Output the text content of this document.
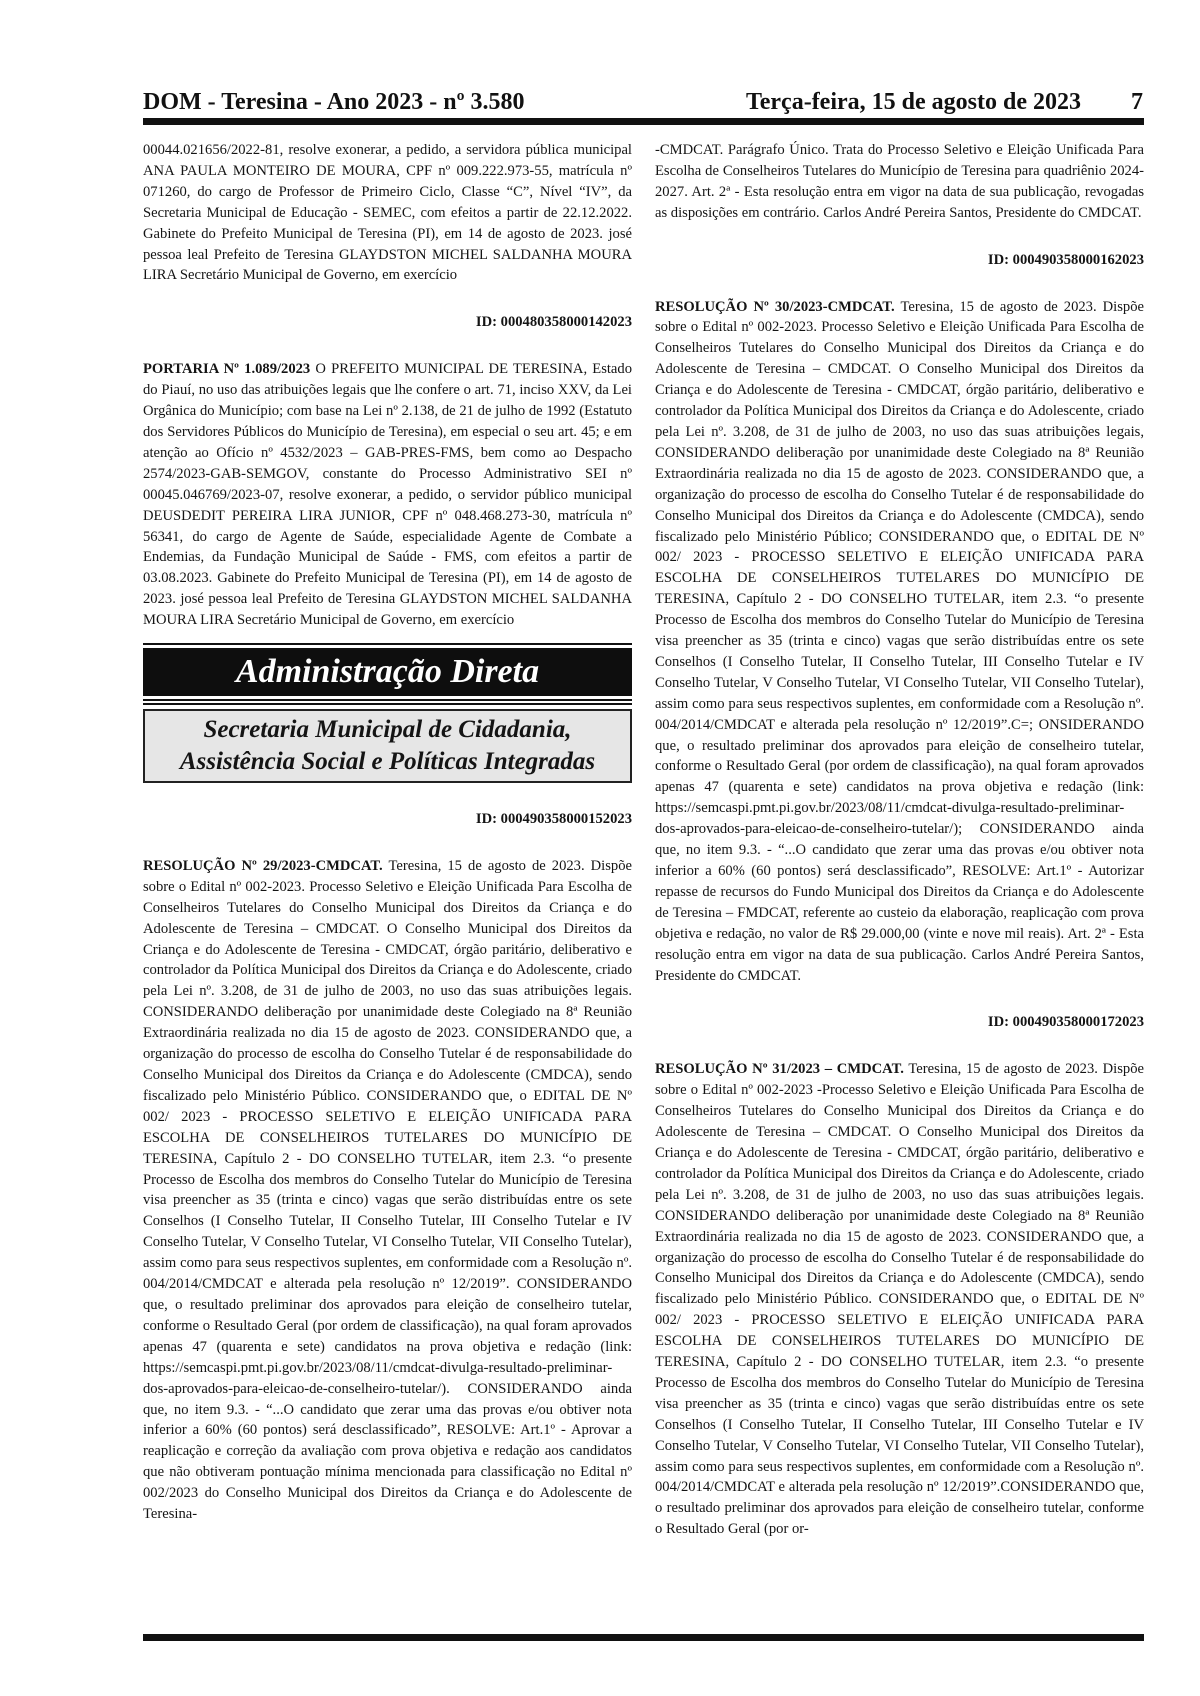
DOM - Teresina - Ano 2023 - nº 3.580	Terça-feira, 15 de agosto de 2023 7

00044.021656/2022-81, resolve exonerar, a pedido, a servidora pública municipal ANA PAULA MONTEIRO DE MOURA, CPF nº 009.222.973-55, matrícula nº 071260, do cargo de Professor de Primeiro Ciclo, Classe “C”, Nível “IV”, da Secretaria Municipal de Educação - SEMEC, com efeitos a partir de 22.12.2022. Gabinete do Prefeito Municipal de Teresina (PI), em 14 de agosto de 2023. josé pessoa leal Prefeito de Teresina GLAYDSTON MICHEL SALDANHA MOURA LIRA Secretário Municipal de Governo, em exercício

ID: 000480358000142023

PORTARIA Nº 1.089/2023 O PREFEITO MUNICIPAL DE TERESINA, Estado do Piauí, no uso das atribuições legais que lhe confere o art. 71, inciso XXV, da Lei Orgânica do Município; com base na Lei nº 2.138, de 21 de julho de 1992 (Estatuto dos Servidores Públicos do Município de Teresina), em especial o seu art. 45; e em atenção ao Ofício nº 4532/2023 – GAB-PRES-FMS, bem como ao Despacho 2574/2023-GAB-SEMGOV, constante do Processo Administrativo SEI nº 00045.046769/2023-07, resolve exonerar, a pedido, o servidor público municipal DEUSDEDIT PEREIRA LIRA JUNIOR, CPF nº 048.468.273-30, matrícula nº 56341, do cargo de Agente de Saúde, especialidade Agente de Combate a Endemias, da Fundação Municipal de Saúde - FMS, com efeitos a partir de 03.08.2023. Gabinete do Prefeito Municipal de Teresina (PI), em 14 de agosto de 2023. josé pessoa leal Prefeito de Teresina GLAYDSTON MICHEL SALDANHA MOURA LIRA Secretário Municipal de Governo, em exercício

Administração Direta
Secretaria Municipal de Cidadania,
Assistência Social e Políticas Integradas

ID: 000490358000152023

RESOLUÇÃO Nº 29/2023-CMDCAT. Teresina, 15 de agosto de 2023. Dispõe sobre o Edital nº 002-2023. Processo Seletivo e Eleição Unificada Para Escolha de Conselheiros Tutelares do Conselho Municipal dos Direitos da Criança e do Adolescente de Teresina – CMDCAT. O Conselho Municipal dos Direitos da Criança e do Adolescente de Teresina - CMDCAT, órgão paritário, deliberativo e controlador da Política Municipal dos Direitos da Criança e do Adolescente, criado pela Lei nº. 3.208, de 31 de julho de 2003, no uso das suas atribuições legais. CONSIDERANDO deliberação por unanimidade deste Colegiado na 8ª Reunião Extraordinária realizada no dia 15 de agosto de 2023. CONSIDERANDO que, a organização do processo de escolha do Conselho Tutelar é de responsabilidade do Conselho Municipal dos Direitos da Criança e do Adolescente (CMDCA), sendo fiscalizado pelo Ministério Público. CONSIDERANDO que, o EDITAL DE Nº 002/ 2023 - PROCESSO SELETIVO E ELEIÇÃO UNIFICADA PARA ESCOLHA DE CONSELHEIROS TUTELARES DO MUNICÍPIO DE TERESINA, Capítulo 2 - DO CONSELHO TUTELAR, item 2.3. “o presente Processo de Escolha dos membros do Conselho Tutelar do Município de Teresina visa preencher as 35 (trinta e cinco) vagas que serão distribuídas entre os sete Conselhos (I Conselho Tutelar, II Conselho Tutelar, III Conselho Tutelar e IV Conselho Tutelar, V Conselho Tutelar, VI Conselho Tutelar, VII Conselho Tutelar), assim como para seus respectivos suplentes, em conformidade com a Resolução nº. 004/2014/CMDCAT e alterada pela resolução nº 12/2019”. CONSIDERANDO que, o resultado preliminar dos aprovados para eleição de conselheiro tutelar, conforme o Resultado Geral (por ordem de classificação), na qual foram aprovados apenas 47 (quarenta e sete) candidatos na prova objetiva e redação (link: https://semcaspi.pmt.pi.gov.br/2023/08/11/cmdcat-divulga-resultado-preliminar-dos-aprovados-para-eleicao-de-conselheiro-tutelar/). CONSIDERANDO ainda que, no item 9.3. - “...O candidato que zerar uma das provas e/ou obtiver nota inferior a 60% (60 pontos) será desclassificado”, RESOLVE: Art.1º - Aprovar a reaplicação e correção da avaliação com prova objetiva e redação aos candidatos que não obtiveram pontuação mínima mencionada para classificação no Edital nº 002/2023 do Conselho Municipal dos Direitos da Criança e do Adolescente de Teresina-

-CMDCAT. Parágrafo Único. Trata do Processo Seletivo e Eleição Unificada Para Escolha de Conselheiros Tutelares do Município de Teresina para quadriênio 2024-2027. Art. 2ª - Esta resolução entra em vigor na data de sua publicação, revogadas as disposições em contrário. Carlos André Pereira Santos, Presidente do CMDCAT.

ID: 000490358000162023

RESOLUÇÃO Nº 30/2023-CMDCAT. Teresina, 15 de agosto de 2023. Dispõe sobre o Edital nº 002-2023. Processo Seletivo e Eleição Unificada Para Escolha de Conselheiros Tutelares do Conselho Municipal dos Direitos da Criança e do Adolescente de Teresina – CMDCAT. O Conselho Municipal dos Direitos da Criança e do Adolescente de Teresina - CMDCAT, órgão paritário, deliberativo e controlador da Política Municipal dos Direitos da Criança e do Adolescente, criado pela Lei nº. 3.208, de 31 de julho de 2003, no uso das suas atribuições legais, CONSIDERANDO deliberação por unanimidade deste Colegiado na 8ª Reunião Extraordinária realizada no dia 15 de agosto de 2023. CONSIDERANDO que, a organização do processo de escolha do Conselho Tutelar é de responsabilidade do Conselho Municipal dos Direitos da Criança e do Adolescente (CMDCA), sendo fiscalizado pelo Ministério Público; CONSIDERANDO que, o EDITAL DE Nº 002/ 2023 - PROCESSO SELETIVO E ELEIÇÃO UNIFICADA PARA ESCOLHA DE CONSELHEIROS TUTELARES DO MUNICÍPIO DE TERESINA, Capítulo 2 - DO CONSELHO TUTELAR, item 2.3. “o presente Processo de Escolha dos membros do Conselho Tutelar do Município de Teresina visa preencher as 35 (trinta e cinco) vagas que serão distribuídas entre os sete Conselhos (I Conselho Tutelar, II Conselho Tutelar, III Conselho Tutelar e IV Conselho Tutelar, V Conselho Tutelar, VI Conselho Tutelar, VII Conselho Tutelar), assim como para seus respectivos suplentes, em conformidade com a Resolução nº. 004/2014/CMDCAT e alterada pela resolução nº 12/2019”.C=; ONSIDERANDO que, o resultado preliminar dos aprovados para eleição de conselheiro tutelar, conforme o Resultado Geral (por ordem de classificação), na qual foram aprovados apenas 47 (quarenta e sete) candidatos na prova objetiva e redação (link: https://semcaspi.pmt.pi.gov.br/2023/08/11/cmdcat-divulga-resultado-preliminar-dos-aprovados-para-eleicao-de-conselheiro-tutelar/); CONSIDERANDO ainda que, no item 9.3. - “...O candidato que zerar uma das provas e/ou obtiver nota inferior a 60% (60 pontos) será desclassificado”, RESOLVE: Art.1º - Autorizar repasse de recursos do Fundo Municipal dos Direitos da Criança e do Adolescente de Teresina – FMDCAT, referente ao custeio da elaboração, reaplicação com prova objetiva e redação, no valor de R$ 29.000,00 (vinte e nove mil reais). Art. 2ª - Esta resolução entra em vigor na data de sua publicação. Carlos André Pereira Santos, Presidente do CMDCAT.

ID: 000490358000172023

RESOLUÇÃO Nº 31/2023 – CMDCAT. Teresina, 15 de agosto de 2023. Dispõe sobre o Edital nº 002-2023 -Processo Seletivo e Eleição Unificada Para Escolha de Conselheiros Tutelares do Conselho Municipal dos Direitos da Criança e do Adolescente de Teresina – CMDCAT. O Conselho Municipal dos Direitos da Criança e do Adolescente de Teresina - CMDCAT, órgão paritário, deliberativo e controlador da Política Municipal dos Direitos da Criança e do Adolescente, criado pela Lei nº. 3.208, de 31 de julho de 2003, no uso das suas atribuições legais. CONSIDERANDO deliberação por unanimidade deste Colegiado na 8ª Reunião Extraordinária realizada no dia 15 de agosto de 2023. CONSIDERANDO que, a organização do processo de escolha do Conselho Tutelar é de responsabilidade do Conselho Municipal dos Direitos da Criança e do Adolescente (CMDCA), sendo fiscalizado pelo Ministério Público. CONSIDERANDO que, o EDITAL DE Nº 002/ 2023 - PROCESSO SELETIVO E ELEIÇÃO UNIFICADA PARA ESCOLHA DE CONSELHEIROS TUTELARES DO MUNICÍPIO DE TERESINA, Capítulo 2 - DO CONSELHO TUTELAR, item 2.3. “o presente Processo de Escolha dos membros do Conselho Tutelar do Município de Teresina visa preencher as 35 (trinta e cinco) vagas que serão distribuídas entre os sete Conselhos (I Conselho Tutelar, II Conselho Tutelar, III Conselho Tutelar e IV Conselho Tutelar, V Conselho Tutelar, VI Conselho Tutelar, VII Conselho Tutelar), assim como para seus respectivos suplentes, em conformidade com a Resolução nº. 004/2014/CMDCAT e alterada pela resolução nº 12/2019”.CONSIDERANDO que, o resultado preliminar dos aprovados para eleição de conselheiro tutelar, conforme o Resultado Geral (por or-
